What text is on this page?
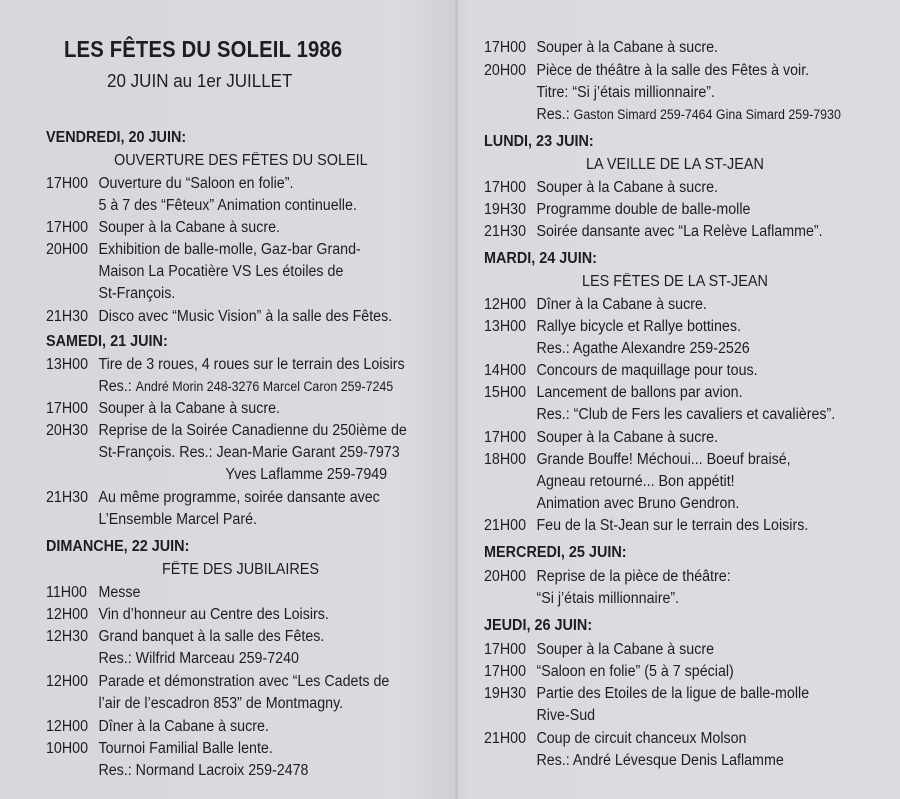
LES FÊTES DU SOLEIL 1986
20 JUIN au 1er JUILLET
VENDREDI, 20 JUIN:
OUVERTURE DES FÊTES DU SOLEIL
17H00 Ouverture du “Saloon en folie”.
5 à 7 des “Fêteux” Animation continuelle.
17H00 Souper à la Cabane à sucre.
20H00 Exhibition de balle-molle, Gaz-bar Grand-
Maison La Pocatière VS Les étoiles de
St-François.
21H30 Disco avec “Music Vision” à la salle des Fêtes.
SAMEDI, 21 JUIN:
13H00 Tire de 3 roues, 4 roues sur le terrain des Loisirs
Res.: André Morin 248-3276 Marcel Caron 259-7245
17H00 Souper à la Cabane à sucre.
20H30 Reprise de la Soirée Canadienne du 250ième de
St-François. Res.: Jean-Marie Garant 259-7973
Yves Laflamme 259-7949
21H30 Au même programme, soirée dansante avec
L’Ensemble Marcel Paré.
DIMANCHE, 22 JUIN:
FÊTE DES JUBILAIRES
11H00 Messe
12H00 Vin d’honneur au Centre des Loisirs.
12H30 Grand banquet à la salle des Fêtes.
Res.: Wilfrid Marceau 259-7240
12H00 Parade et démonstration avec “Les Cadets de
l’air de l’escadron 853” de Montmagny.
12H00 Dîner à la Cabane à sucre.
10H00 Tournoi Familial Balle lente.
Res.: Normand Lacroix 259-2478
17H00 Souper à la Cabane à sucre.
20H00 Pièce de théâtre à la salle des Fêtes à voir.
Titre: “Si j’étais millionnaire”.
Res.: Gaston Simard 259-7464 Gina Simard 259-7930
LUNDI, 23 JUIN:
LA VEILLE DE LA ST-JEAN
17H00 Souper à la Cabane à sucre.
19H30 Programme double de balle-molle
21H30 Soirée dansante avec “La Relève Laflamme”.
MARDI, 24 JUIN:
LES FÊTES DE LA ST-JEAN
12H00 Dîner à la Cabane à sucre.
13H00 Rallye bicycle et Rallye bottines.
Res.: Agathe Alexandre 259-2526
14H00 Concours de maquillage pour tous.
15H00 Lancement de ballons par avion.
Res.: “Club de Fers les cavaliers et cavalières”.
17H00 Souper à la Cabane à sucre.
18H00 Grande Bouffe! Méchoui... Boeuf braisé,
Agneau retourné... Bon appétit!
Animation avec Bruno Gendron.
21H00 Feu de la St-Jean sur le terrain des Loisirs.
MERCREDI, 25 JUIN:
20H00 Reprise de la pièce de théâtre:
“Si j’étais millionnaire”.
JEUDI, 26 JUIN:
17H00 Souper à la Cabane à sucre
17H00 “Saloon en folie” (5 à 7 spécial)
19H30 Partie des Etoiles de la ligue de balle-molle
Rive-Sud
21H00 Coup de circuit chanceux Molson
Res.: André Lévesque Denis Laflamme
